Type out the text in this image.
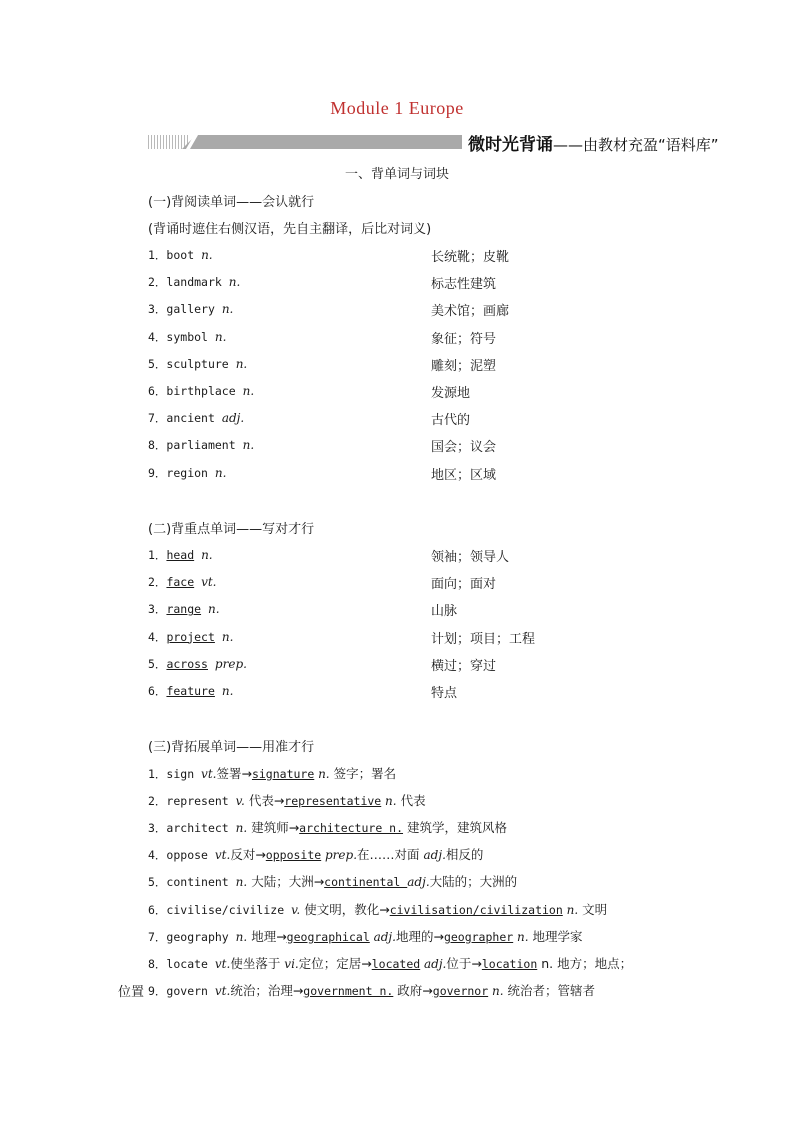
Module 1 Europe
微时光背诵——由教材充盈“语料库”
一、背单词与词块
(一)背阅读单词——会认就行
(背诵时遮住右侧汉语，先自主翻译，后比对词义)
1．boot n.	长统靴；皮靴
2．landmark n.	标志性建筑
3．gallery n.	美术馆；画廊
4．symbol n.	象征；符号
5．sculpture n.	雕刻；泥塑
6．birthplace n.	发源地
7．ancient adj.	古代的
8．parliament n.	国会；议会
9．region n.	地区；区域
(二)背重点单词——写对才行
1．head n.	领袖；领导人
2．face vt.	面向；面对
3．range n.	山脉
4．project n.	计划；项目；工程
5．across prep.	横过；穿过
6．feature n.	特点
(三)背拓展单词——用准才行
1．sign vt.签署→signature n. 签字；署名
2．represent v. 代表→representative n. 代表
3．architect n. 建筑师→architecture n. 建筑学，建筑风格
4．oppose vt.反对→opposite prep.在……对面 adj.相反的
5．continent n. 大陆；大洲→continental adj.大陆的；大洲的
6．civilise/civilize v. 使文明，教化→civilisation/civilization n. 文明
7．geography n. 地理→geographical adj.地理的→geographer n. 地理学家
8．locate vt.使坐落于 vi.定位；定居→located adj.位于→location n. 地方；地点；
9．govern vt.统治；治理→government n. 政府→governor n. 统治者；管辖者
位置
